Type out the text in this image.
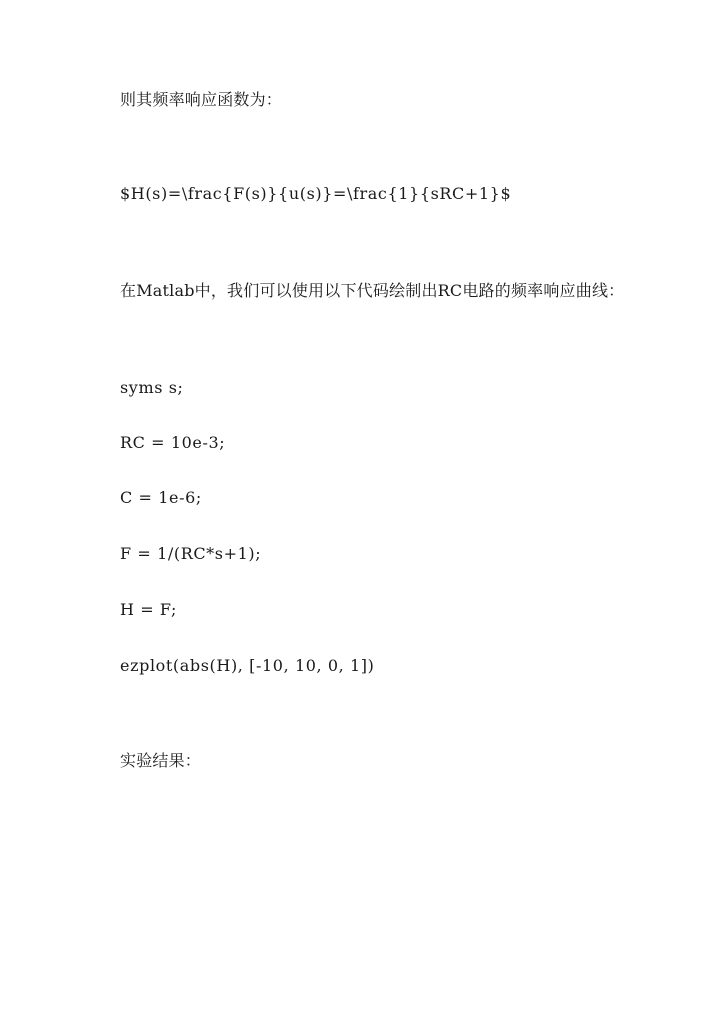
则其频率响应函数为：
$H(s)=\frac{F(s)}{u(s)}=\frac{1}{sRC+1}$
在Matlab中，我们可以使用以下代码绘制出RC电路的频率响应曲线：
syms s;
RC = 10e-3;
C = 1e-6;
F = 1/(RC*s+1);
H = F;
ezplot(abs(H), [-10, 10, 0, 1])
实验结果：
